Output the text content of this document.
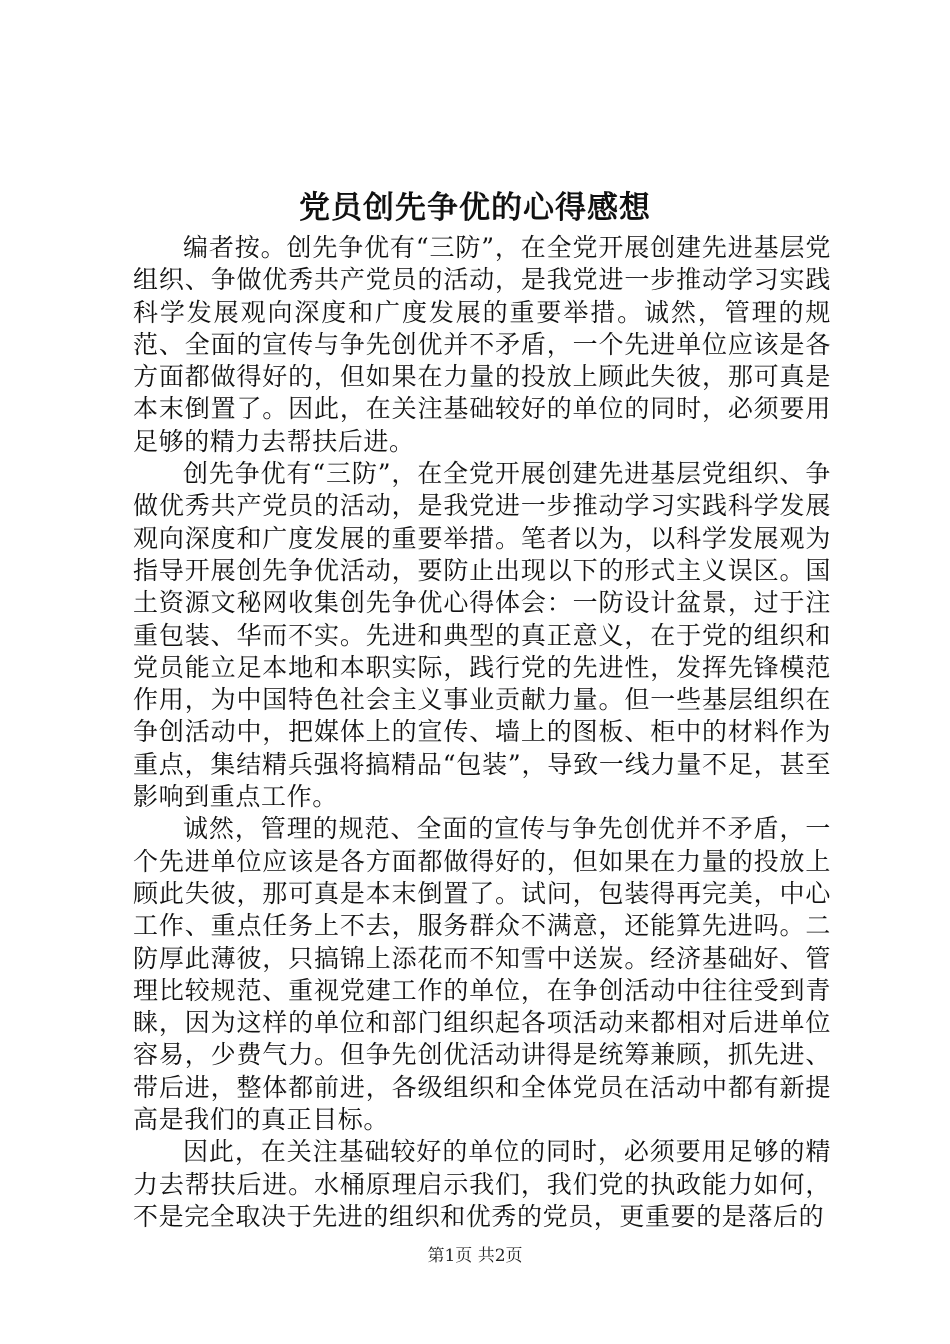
党员创先争优的心得感想

编者按。创先争优有“三防”，在全党开展创建先进基层党组织、争做优秀共产党员的活动，是我党进一步推动学习实践科学发展观向深度和广度发展的重要举措。诚然，管理的规范、全面的宣传与争先创优并不矛盾，一个先进单位应该是各方面都做得好的，但如果在力量的投放上顾此失彼，那可真是本末倒置了。因此，在关注基础较好的单位的同时，必须要用足够的精力去帮扶后进。

创先争优有“三防”，在全党开展创建先进基层党组织、争做优秀共产党员的活动，是我党进一步推动学习实践科学发展观向深度和广度发展的重要举措。笔者以为，以科学发展观为指导开展创先争优活动，要防止出现以下的形式主义误区。国土资源文秘网收集创先争优心得体会：一防设计盆景，过于注重包装、华而不实。先进和典型的真正意义，在于党的组织和党员能立足本地和本职实际，践行党的先进性，发挥先锋模范作用，为中国特色社会主义事业贡献力量。但一些基层组织在争创活动中，把媒体上的宣传、墙上的图板、柜中的材料作为重点，集结精兵强将搞精品“包装”，导致一线力量不足，甚至影响到重点工作。

诚然，管理的规范、全面的宣传与争先创优并不矛盾，一个先进单位应该是各方面都做得好的，但如果在力量的投放上顾此失彼，那可真是本末倒置了。试问，包装得再完美，中心工作、重点任务上不去，服务群众不满意，还能算先进吗。二防厚此薄彼，只搞锦上添花而不知雪中送炭。经济基础好、管理比较规范、重视党建工作的单位，在争创活动中往往受到青睐，因为这样的单位和部门组织起各项活动来都相对后进单位容易，少费气力。但争先创优活动讲得是统筹兼顾，抓先进、带后进，整体都前进，各级组织和全体党员在活动中都有新提高是我们的真正目标。

因此，在关注基础较好的单位的同时，必须要用足够的精力去帮扶后进。水桶原理启示我们，我们党的执政能力如何，不是完全取决于先进的组织和优秀的党员，更重要的是落后的

第1页 共2页
